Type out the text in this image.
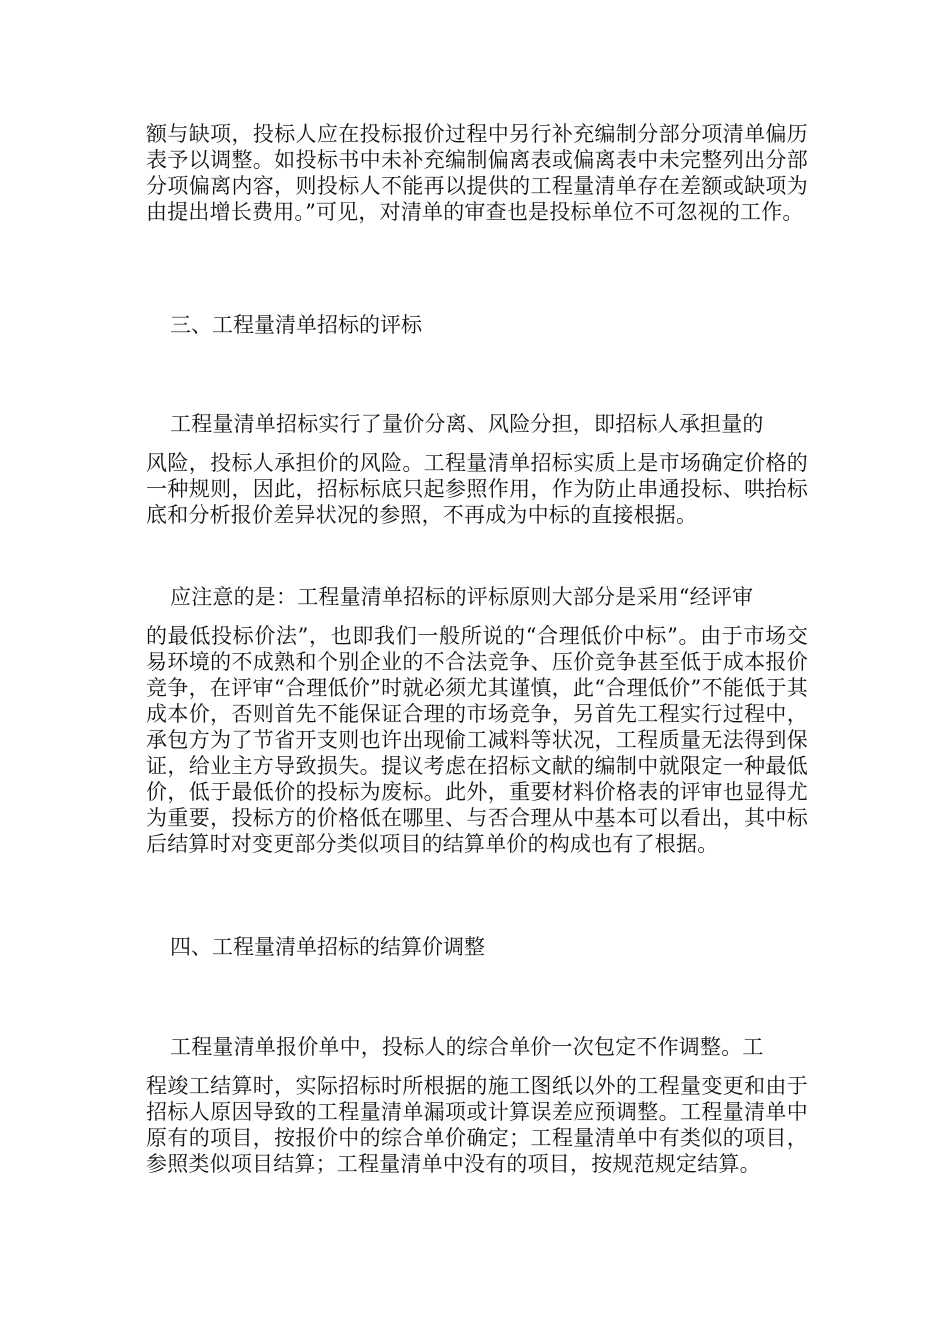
额与缺项，投标人应在投标报价过程中另行补充编制分部分项清单偏历表予以调整。如投标书中未补充编制偏离表或偏离表中未完整列出分部分项偏离内容，则投标人不能再以提供的工程量清单存在差额或缺项为由提出增长费用。”可见，对清单的审查也是投标单位不可忽视的工作。

三、工程量清单招标的评标

工程量清单招标实行了量价分离、风险分担，即招标人承担量的

风险，投标人承担价的风险。工程量清单招标实质上是市场确定价格的一种规则，因此，招标标底只起参照作用，作为防止串通投标、哄抬标底和分析报价差异状况的参照，不再成为中标的直接根据。

应注意的是：工程量清单招标的评标原则大部分是采用“经评审

的最低投标价法”，也即我们一般所说的“合理低价中标”。由于市场交易环境的不成熟和个别企业的不合法竞争、压价竞争甚至低于成本报价竞争，在评审“合理低价”时就必须尤其谨慎，此“合理低价”不能低于其成本价，否则首先不能保证合理的市场竞争，另首先工程实行过程中，承包方为了节省开支则也许出现偷工减料等状况，工程质量无法得到保证，给业主方导致损失。提议考虑在招标文献的编制中就限定一种最低价，低于最低价的投标为废标。此外，重要材料价格表的评审也显得尤为重要，投标方的价格低在哪里、与否合理从中基本可以看出，其中标后结算时对变更部分类似项目的结算单价的构成也有了根据。

四、工程量清单招标的结算价调整

工程量清单报价单中，投标人的综合单价一次包定不作调整。工

程竣工结算时，实际招标时所根据的施工图纸以外的工程量变更和由于招标人原因导致的工程量清单漏项或计算误差应预调整。工程量清单中原有的项目，按报价中的综合单价确定；工程量清单中有类似的项目，参照类似项目结算；工程量清单中没有的项目，按规范规定结算。
